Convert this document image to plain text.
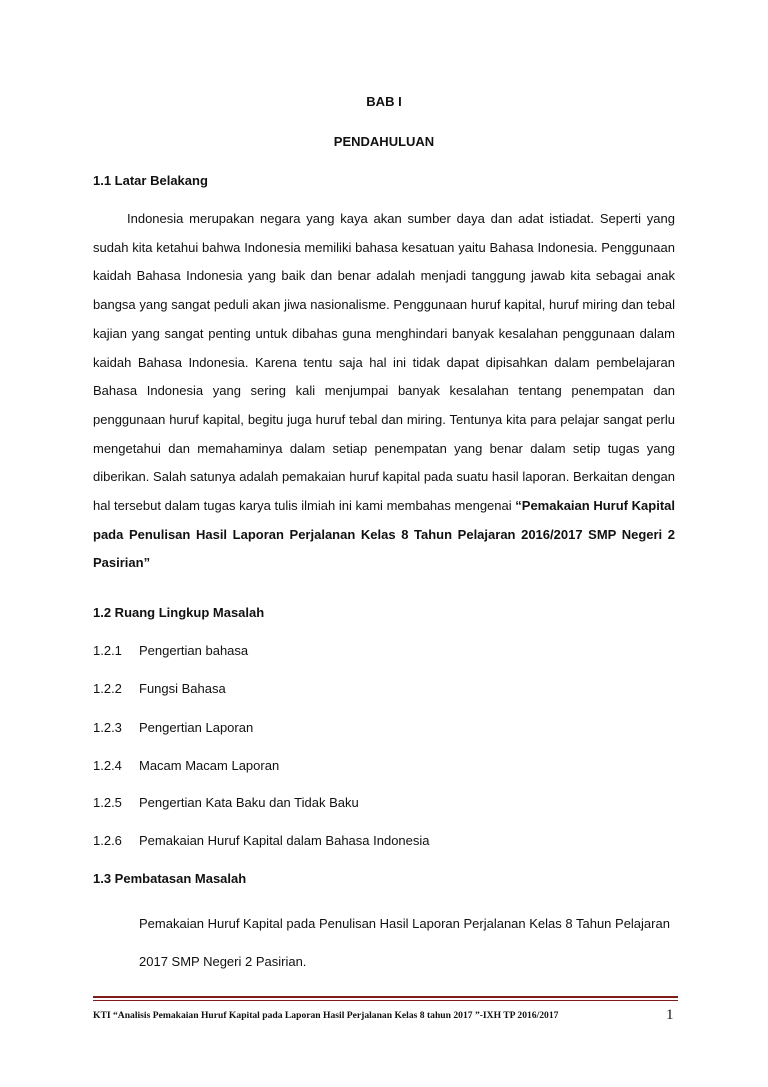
BAB I
PENDAHULUAN
1.1 Latar Belakang
Indonesia merupakan negara yang kaya akan sumber daya dan adat istiadat. Seperti yang sudah kita ketahui bahwa Indonesia memiliki bahasa kesatuan yaitu Bahasa Indonesia. Penggunaan kaidah Bahasa Indonesia yang baik dan benar adalah menjadi tanggung jawab kita sebagai anak bangsa yang sangat peduli akan jiwa nasionalisme. Penggunaan huruf kapital, huruf miring dan tebal kajian yang sangat penting untuk dibahas guna menghindari banyak kesalahan penggunaan dalam kaidah Bahasa Indonesia. Karena tentu saja hal ini tidak dapat dipisahkan dalam pembelajaran Bahasa Indonesia yang sering kali menjumpai banyak kesalahan tentang penempatan dan penggunaan huruf kapital, begitu juga huruf tebal dan miring. Tentunya kita para pelajar sangat perlu mengetahui dan memahaminya dalam setiap penempatan yang benar dalam setip tugas yang diberikan. Salah satunya adalah pemakaian huruf kapital pada suatu hasil laporan. Berkaitan dengan hal tersebut dalam tugas karya tulis ilmiah ini kami membahas mengenai “Pemakaian Huruf Kapital pada Penulisan Hasil Laporan Perjalanan Kelas 8 Tahun Pelajaran 2016/2017 SMP Negeri 2 Pasirian”
1.2 Ruang Lingkup Masalah
1.2.1 Pengertian bahasa
1.2.2 Fungsi Bahasa
1.2.3 Pengertian Laporan
1.2.4 Macam Macam Laporan
1.2.5 Pengertian Kata Baku dan Tidak Baku
1.2.6 Pemakaian Huruf Kapital dalam Bahasa Indonesia
1.3 Pembatasan Masalah
Pemakaian Huruf Kapital pada Penulisan Hasil Laporan Perjalanan Kelas 8 Tahun Pelajaran 2017 SMP Negeri 2 Pasirian.
KTI “Analisis Pemakaian Huruf Kapital pada Laporan Hasil Perjalanan Kelas 8 tahun 2017 ”-IXH TP 2016/2017	1
